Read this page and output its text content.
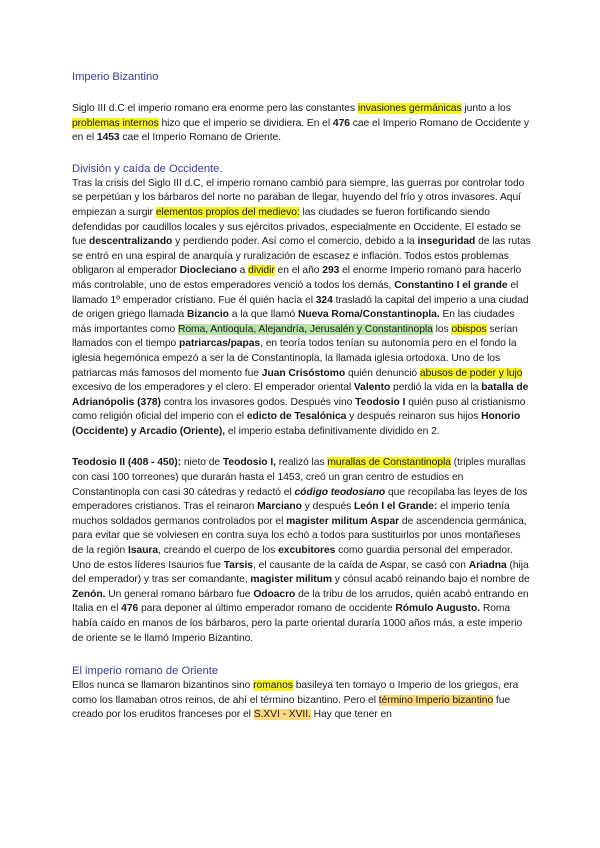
Imperio Bizantino

Siglo III d.C el imperio romano era enorme pero las constantes invasiones germánicas junto a los problemas internos hizo que el imperio se dividiera. En el 476 cae el Imperio Romano de Occidente y en el 1453 cae el Imperio Romano de Oriente.

División y caída de Occidente.

Tras la crisis del Siglo III d.C, el imperio romano cambió para siempre, las guerras por controlar todo se perpetúan y los bárbaros del norte no paraban de llegar, huyendo del frío y otros invasores. Aquí empiezan a surgir elementos propios del medievo: las ciudades se fueron fortificando siendo defendidas por caudillos locales y sus ejércitos privados, especialmente en Occidente. El estado se fue descentralizando y perdiendo poder. Así como el comercio, debido a la inseguridad de las rutas se entró en una espiral de anarquía y ruralización de escasez e inflación. Todos estos problemas obligaron al emperador Diocleciano a dividir en el año 293 el enorme Imperio romano para hacerlo más controlable, uno de estos emperadores venció a todos los demás, Constantino I el grande el llamado 1º emperador cristiano. Fue él quién hacía el 324 trasladó la capital del imperio a una ciudad de origen griego llamada Bizancio a la que llamó Nueva Roma/Constantinopla. En las ciudades más importantes como Roma, Antioquía, Alejandría, Jerusalén y Constantinopla los obispos serían llamados con el tiempo patriarcas/papas, en teoría todos tenían su autonomía pero en el fondo la iglesia hegemónica empezó a ser la de Constantinopla, la llamada iglesia ortodoxa. Uno de los patriarcas más famosos del momento fue Juan Crisóstomo quién denunció abusos de poder y lujo excesivo de los emperadores y el clero. El emperador oriental Valento perdió la vida en la batalla de Adrianópolis (378) contra los invasores godos. Después vino Teodosio I quién puso al cristianismo como religión oficial del imperio con el edicto de Tesalónica y después reinaron sus hijos Honorio (Occidente) y Arcadio (Oriente), el imperio estaba definitivamente dividido en 2.

Teodosio II (408 - 450): nieto de Teodosio I, realizó las murallas de Constantinopla (triples murallas con casi 100 torreones) que durarán hasta el 1453, creó un gran centro de estudios en Constantinopla con casi 30 cátedras y redactó el código teodosiano que recopilaba las leyes de los emperadores cristianos. Tras el reinaron Marciano y después León I el Grande: el imperio tenía muchos soldados germanos controlados por el magister militum Aspar de ascendencia germánica, para evitar que se volviesen en contra suya los echó a todos para sustituirlos por unos montañeses de la región Isaura, creando el cuerpo de los excubitores como guardia personal del emperador. Uno de estos líderes Isaurios fue Tarsis, el causante de la caída de Aspar, se casó con Ariadna (hija del emperador) y tras ser comandante, magister militum y cónsul acabó reinando bajo el nombre de Zenón. Un general romano bárbaro fue Odoacro de la tribu de los arrudos, quién acabó entrando en Italia en el 476 para deponer al último emperador romano de occidente Rómulo Augusto. Roma había caído en manos de los bárbaros, pero la parte oriental duraría 1000 años más, a este imperio de oriente se le llamó Imperio Bizantino.

El imperio romano de Oriente

Ellos nunca se llamaron bizantinos sino romanos basileya ten tomayo o Imperio de los griegos, era como los llamaban otros reinos, de ahí el término bizantino. Pero el término Imperio bizantino fue creado por los eruditos franceses por el S.XVI - XVII. Hay que tener en
